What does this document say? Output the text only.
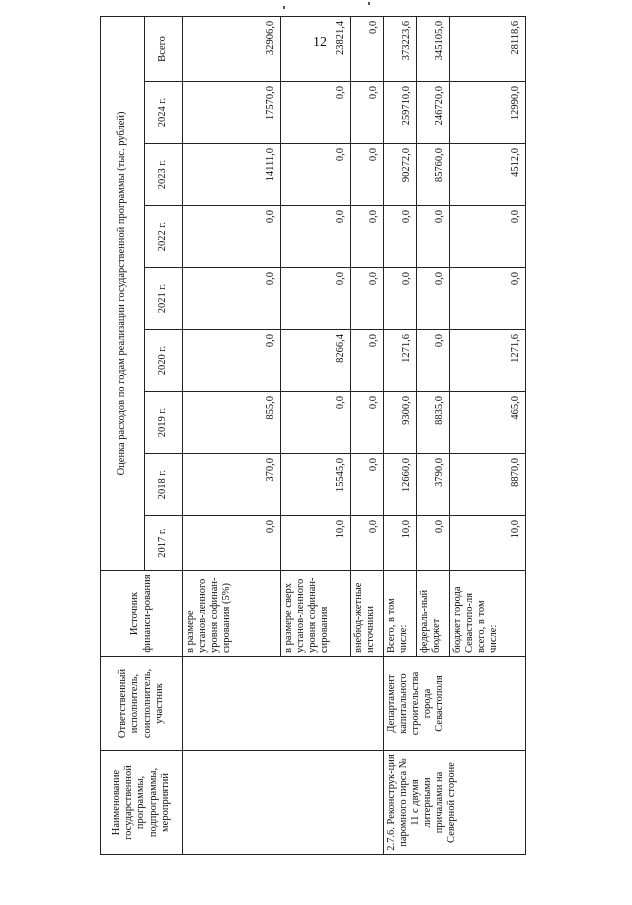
12
Наименование государственной программы, подпрограммы, мероприятий	Ответственный исполнитель, соисполнитель, участник	Источник финанси-рования	Оценка расходов по годам реализации государственной программы (тыс. рублей)								
			2017 г.	2018 г.	2019 г.	2020 г.	2021 г.	2022 г.	2023 г.	2024 г.	Всего
		в размере установ-ленного уровня софинан-сирования (5%)	0,0	370,0	855,0	0,0	0,0	0,0	14111,0	17570,0	32906,0
		в размере сверх установ-ленного уровня софинан-сирования	10,0	15545,0	0,0	8266,4	0,0	0,0	0,0	0,0	23821,4
		внебюд-жетные источники	0,0	0,0	0,0	0,0	0,0	0,0	0,0	0,0	0,0
2.7.6. Реконструк-ция паромного пирса № 11 с двумя литерными причалами на Северной стороне	Департамент капитального строительства города Севастополя	Всего, в том числе:	10,0	12660,0	9300,0	1271,6	0,0	0,0	90272,0	259710,0	373223,6
		федераль-ный бюджет	0,0	3790,0	8835,0	0,0	0,0	0,0	85760,0	246720,0	345105,0
		бюджет города Севастопо-ля всего, в том числе:	10,0	8870,0	465,0	1271,6	0,0	0,0	4512,0	12990,0	28118,6
